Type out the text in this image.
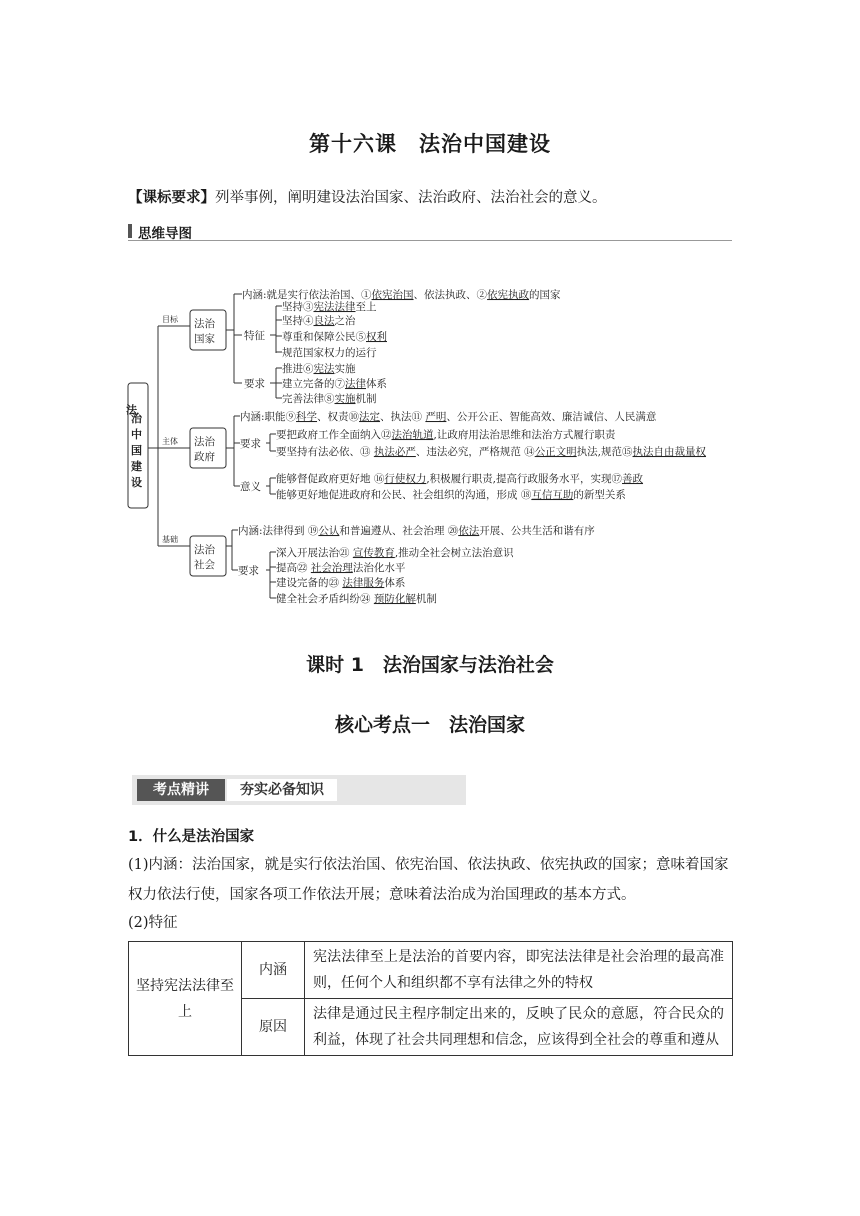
第十六课　法治中国建设
【课标要求】列举事例，阐明建设法治国家、法治政府、法治社会的意义。
思维导图
法
治
中
国
建
设
目标
主体
基础
法治
国家
法治
政府
法治
社会
内涵:就是实行依法治国、①依宪治国、依法执政、②依宪执政的国家
特征
坚持③宪法法律至上
坚持④良法之治
尊重和保障公民⑤权利
规范国家权力的运行
要求
推进⑥宪法实施
建立完备的⑦法律体系
完善法律⑧实施机制
内涵:职能⑨科学、权责⑩法定、执法⑪ 严明、公开公正、智能高效、廉洁诚信、人民满意
要求
要把政府工作全面纳入⑫法治轨道,让政府用法治思维和法治方式履行职责
要坚持有法必依、⑬ 执法必严、违法必究，严格规范 ⑭公正文明执法,规范⑮执法自由裁量权
意义
能够督促政府更好地 ⑯行使权力,积极履行职责,提高行政服务水平，实现⑰善政
能够更好地促进政府和公民、社会组织的沟通，形成 ⑱互信互助的新型关系
内涵:法律得到 ⑲公认和普遍遵从、社会治理 ⑳依法开展、公共生活和谐有序
要求
深入开展法治㉑ 宣传教育,推动全社会树立法治意识
提高㉒ 社会治理法治化水平
建设完备的㉓ 法律服务体系
健全社会矛盾纠纷㉔ 预防化解机制
课时 1　法治国家与法治社会
核心考点一　法治国家
考点精讲	夯实必备知识
1．什么是法治国家
(1)内涵：法治国家，就是实行依法治国、依宪治国、依法执政、依宪执政的国家；意味着国家权力依法行使，国家各项工作依法开展；意味着法治成为治国理政的基本方式。
(2)特征
坚持宪法法律至上	内涵	宪法法律至上是法治的首要内容，即宪法法律是社会治理的最高准则，任何个人和组织都不享有法律之外的特权
	原因	法律是通过民主程序制定出来的，反映了民众的意愿，符合民众的利益，体现了社会共同理想和信念，应该得到全社会的尊重和遵从
